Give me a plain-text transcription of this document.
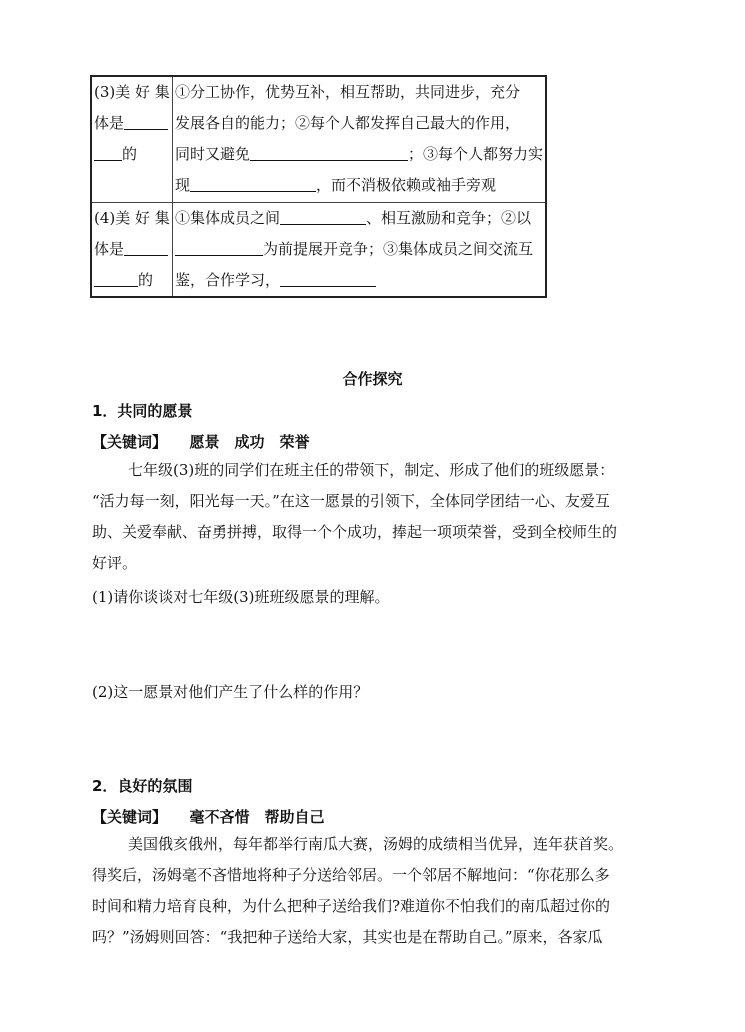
(3)美 好 集
体是
的	①分工协作，优势互补，相互帮助，共同进步，充分
发展各自的能力；②每个人都发挥自己最大的作用，
同时又避免 ；③每个人都努力实
现 ，而不消极依赖或袖手旁观

(4)美 好 集
体是
的	①集体成员之间 、相互激励和竞争；②以
为前提展开竞争；③集体成员之间交流互
鉴，合作学习，
合作探究
1．共同的愿景
【关键词】　　 愿景　成功　荣誉
七年级(3)班的同学们在班主任的带领下，制定、形成了他们的班级愿景：
“活力每一刻，阳光每一天。”在这一愿景的引领下，全体同学团结一心、友爱互
助、关爱奉献、奋勇拼搏，取得一个个成功，捧起一项项荣誉，受到全校师生的
好评。
(1)请你谈谈对七年级(3)班班级愿景的理解。
(2)这一愿景对他们产生了什么样的作用？
2．良好的氛围
【关键词】　　 毫不吝惜　帮助自己
美国俄亥俄州，每年都举行南瓜大赛，汤姆的成绩相当优异，连年获首奖。
得奖后，汤姆毫不吝惜地将种子分送给邻居。一个邻居不解地问：“你花那么多
时间和精力培育良种，为什么把种子送给我们?难道你不怕我们的南瓜超过你的
吗？”汤姆则回答：“我把种子送给大家，其实也是在帮助自己。”原来，各家瓜
